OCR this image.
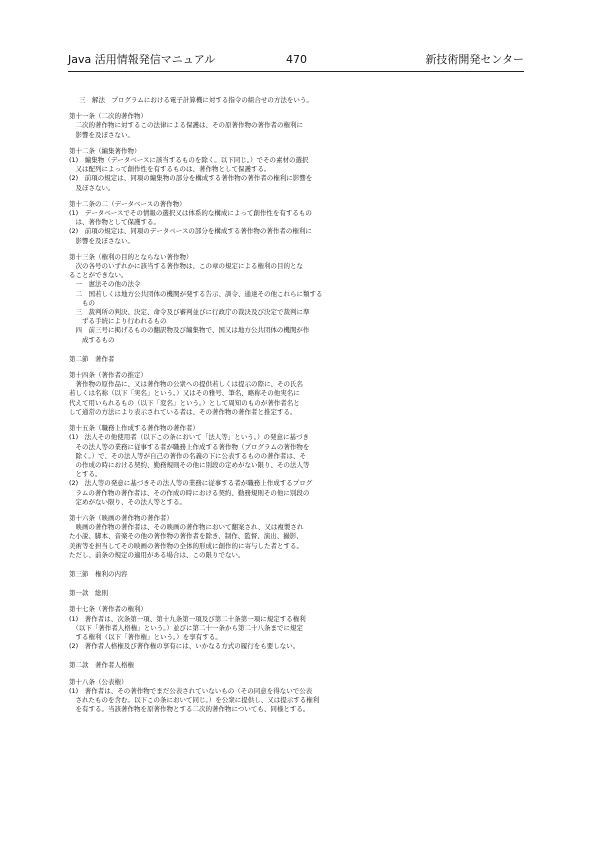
Java 活用情報発信マニュアル	470	新技術開発センター
三　解法　プログラムにおける電子計算機に対する指令の組合せの方法をいう。
第十一条（二次的著作物）
　二次的著作物に対するこの法律による保護は、その原著作物の著作者の権利に
　影響を及ぼさない。
第十二条（編集著作物）
(1)　編集物（データベースに該当するものを除く。以下同じ。）でその素材の選択
　又は配列によって創作性を有するものは、著作物として保護する。
(2)　前項の規定は、同項の編集物の部分を構成する著作物の著作者の権利に影響を
　及ぼさない。
第十二条の二（データベースの著作物）
(1)　データベースでその情報の選択又は体系的な構成によって創作性を有するもの
　は、著作物として保護する。
(2)　前項の規定は、同項のデータベースの部分を構成する著作物の著作者の権利に
　影響を及ぼさない。
第十三条（権利の目的とならない著作物）
　次の各号のいずれかに該当する著作物は、この章の規定による権利の目的とな
ることができない。
　一　憲法その他の法令
　二　国若しくは地方公共団体の機関が発する告示、訓令、通達その他これらに類する
　　もの
　三　裁判所の判決、決定、命令及び審判並びに行政庁の裁決及び決定で裁判に準
　　ずる手続により行われるもの
　四　前三号に掲げるものの翻訳物及び編集物で、国又は地方公共団体の機関が作
　　成するもの
第二節　著作者
第十四条（著作者の推定）
　著作物の原作品に、又は著作物の公衆への提供若しくは提示の際に、その氏名
若しくは名称（以下「実名」という。）又はその雅号、筆名、略称その他実名に
代えて用いられるもの（以下「変名」という。）として周知のものが著作者名と
して通常の方法により表示されている者は、その著作物の著作者と推定する。
第十五条（職務上作成する著作物の著作者）
(1)　法人その他使用者（以下この条において「法人等」という。）の発意に基づき
　その法人等の業務に従事する者が職務上作成する著作物（プログラムの著作物を
　除く。）で、その法人等が自己の著作の名義の下に公表するものの著作者は、そ
　の作成の時における契約、勤務規則その他に別段の定めがない限り、その法人等
　とする。
(2)　法人等の発意に基づきその法人等の業務に従事する者が職務上作成するプログ
　ラムの著作物の著作者は、その作成の時における契約、勤務規則その他に別段の
　定めがない限り、その法人等とする。
第十六条（映画の著作物の著作者）
　映画の著作物の著作者は、その映画の著作物において翻案され、又は複製され
た小説、脚本、音楽その他の著作物の著作者を除き、制作、監督、演出、撮影、
美術等を担当してその映画の著作物の全体的形成に創作的に寄与した者とする。
ただし、前条の規定の適用がある場合は、この限りでない。
第三節　権利の内容
第一款　総則
第十七条（著作者の権利）
(1)　著作者は、次条第一項、第十九条第一項及び第二十条第一項に規定する権利
　（以下「著作者人格権」という。）並びに第二十一条から第二十八条までに規定
　する権利（以下「著作権」という。）を享有する。
(2)　著作者人格権及び著作権の享有には、いかなる方式の履行をも要しない。
第二款　著作者人格権
第十八条（公表権）
(1)　著作者は、その著作物でまだ公表されていないもの（その同意を得ないで公表
　されたものを含む。以下この条において同じ。）を公衆に提供し、又は提示する権利
　を有する。当該著作物を原著作物とする二次的著作物についても、同様とする。
